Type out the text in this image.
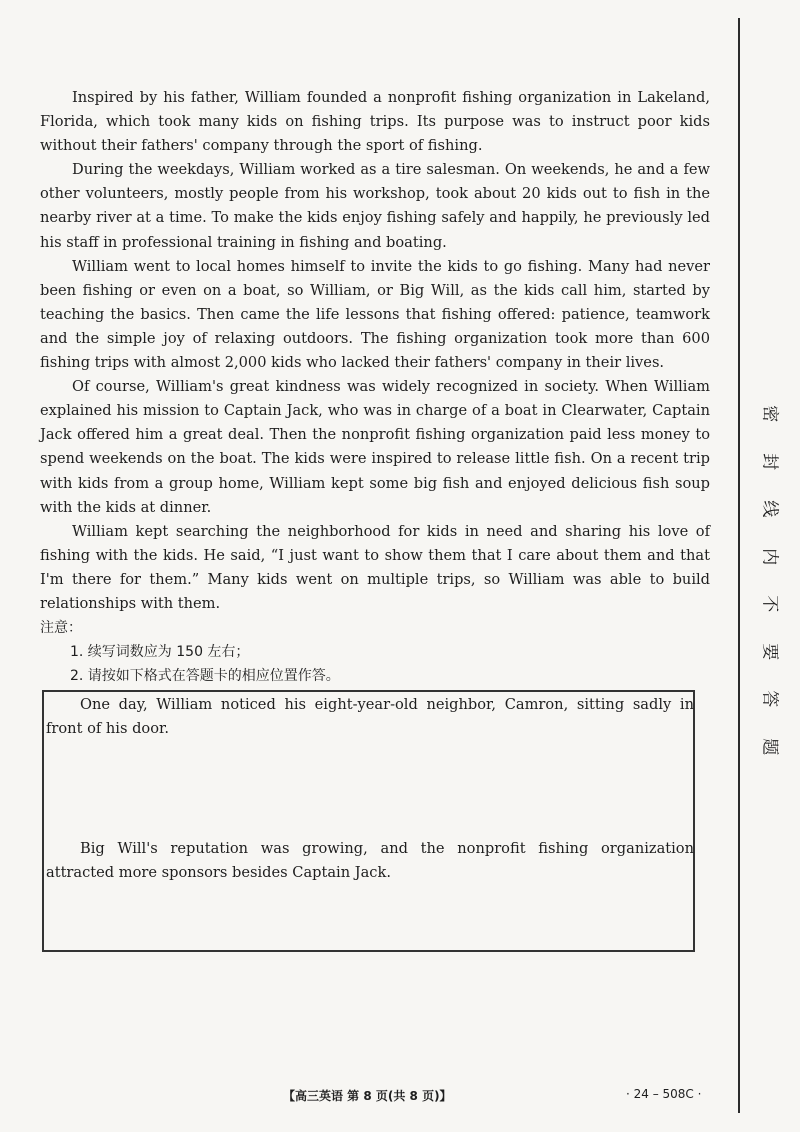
密
封
线
内
不
要
答
题

Inspired by his father, William founded a nonprofit fishing organization in Lakeland, Florida, which took many kids on fishing trips. Its purpose was to instruct poor kids without their fathers' company through the sport of fishing.

During the weekdays, William worked as a tire salesman. On weekends, he and a few other volunteers, mostly people from his workshop, took about 20 kids out to fish in the nearby river at a time. To make the kids enjoy fishing safely and happily, he previously led his staff in professional training in fishing and boating.

William went to local homes himself to invite the kids to go fishing. Many had never been fishing or even on a boat, so William, or Big Will, as the kids call him, started by teaching the basics. Then came the life lessons that fishing offered: patience, teamwork and the simple joy of relaxing outdoors. The fishing organization took more than 600 fishing trips with almost 2,000 kids who lacked their fathers' company in their lives.

Of course, William's great kindness was widely recognized in society. When William explained his mission to Captain Jack, who was in charge of a boat in Clearwater, Captain Jack offered him a great deal. Then the nonprofit fishing organization paid less money to spend weekends on the boat. The kids were inspired to release little fish. On a recent trip with kids from a group home, William kept some big fish and enjoyed delicious fish soup with the kids at dinner.

William kept searching the neighborhood for kids in need and sharing his love of fishing with the kids. He said, “I just want to show them that I care about them and that I'm there for them.” Many kids went on multiple trips, so William was able to build relationships with them.

注意：
1. 续写词数应为 150 左右；
2. 请按如下格式在答题卡的相应位置作答。
One day, William noticed his eight-year-old neighbor, Camron, sitting sadly in front of his door.
Big Will's reputation was growing, and the nonprofit fishing organization attracted more sponsors besides Captain Jack.
【高三英语 第 8 页(共 8 页)】	· 24 – 508C ·
